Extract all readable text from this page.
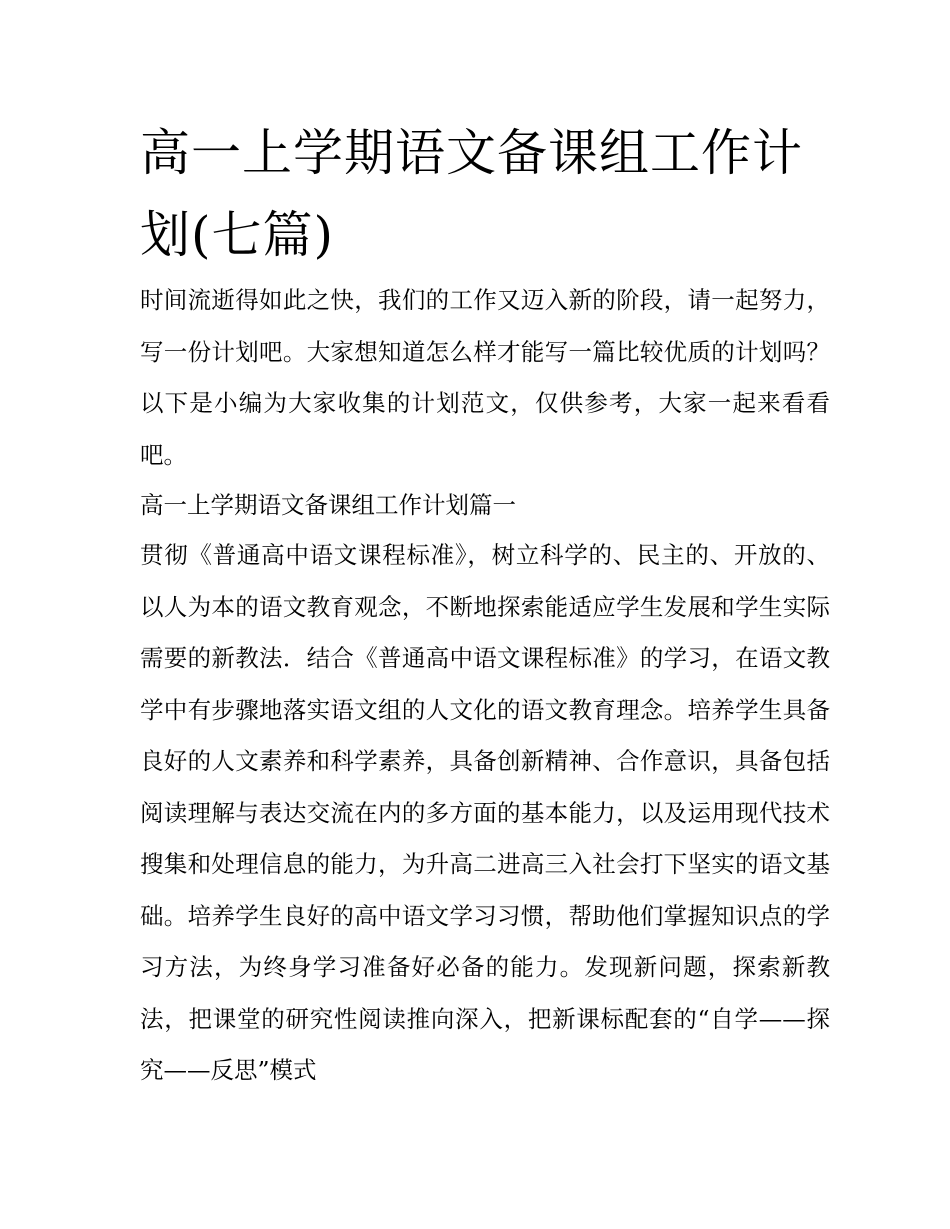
高一上学期语文备课组工作计划(七篇)

时间流逝得如此之快，我们的工作又迈入新的阶段，请一起努力，写一份计划吧。大家想知道怎么样才能写一篇比较优质的计划吗？以下是小编为大家收集的计划范文，仅供参考，大家一起来看看吧。

高一上学期语文备课组工作计划篇一

贯彻《普通高中语文课程标准》，树立科学的、民主的、开放的、以人为本的语文教育观念，不断地探索能适应学生发展和学生实际需要的新教法．结合《普通高中语文课程标准》的学习，在语文教学中有步骤地落实语文组的人文化的语文教育理念。培养学生具备良好的人文素养和科学素养，具备创新精神、合作意识，具备包括阅读理解与表达交流在内的多方面的基本能力，以及运用现代技术搜集和处理信息的能力，为升高二进高三入社会打下坚实的语文基础。培养学生良好的高中语文学习习惯，帮助他们掌握知识点的学习方法，为终身学习准备好必备的能力。发现新问题，探索新教法，把课堂的研究性阅读推向深入，把新课标配套的“自学——探究——反思”模式
